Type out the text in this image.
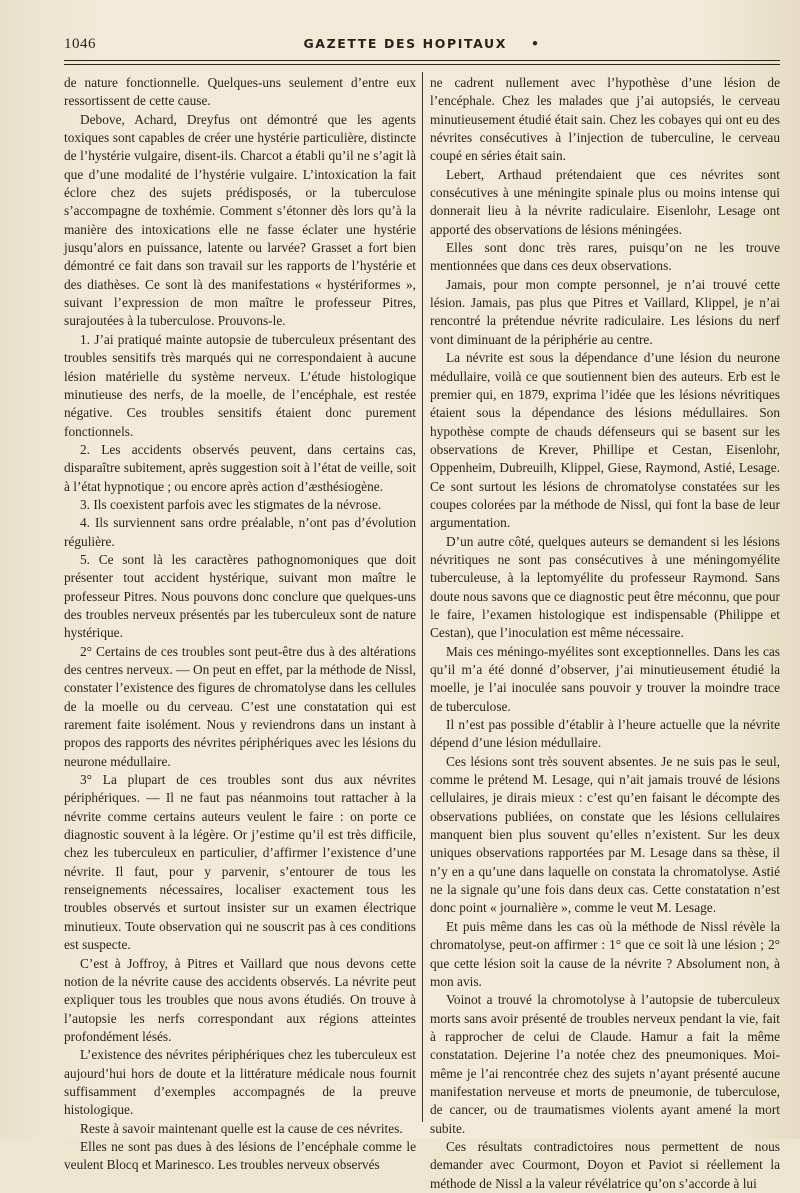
1046	GAZETTE DES HOPITAUX •

de nature fonctionnelle. Quelques-uns seulement d’entre eux ressortissent de cette cause.

Debove, Achard, Dreyfus ont démontré que les agents toxiques sont capables de créer une hystérie particulière, distincte de l’hystérie vulgaire, disent-ils. Charcot a établi qu’il ne s’agit là que d’une modalité de l’hystérie vulgaire. L’intoxication la fait éclore chez des sujets prédisposés, or la tuberculose s’accompagne de toxhémie. Comment s’étonner dès lors qu’à la manière des intoxications elle ne fasse éclater une hystérie jusqu’alors en puissance, latente ou larvée? Grasset a fort bien démontré ce fait dans son travail sur les rapports de l’hystérie et des diathèses. Ce sont là des manifestations « hystériformes », suivant l’expression de mon maître le professeur Pitres, surajoutées à la tuberculose. Prouvons-le.

1. J’ai pratiqué mainte autopsie de tuberculeux présentant des troubles sensitifs très marqués qui ne correspondaient à aucune lésion matérielle du système nerveux. L’étude histologique minutieuse des nerfs, de la moelle, de l’encéphale, est restée négative. Ces troubles sensitifs étaient donc purement fonctionnels.

2. Les accidents observés peuvent, dans certains cas, disparaître subitement, après suggestion soit à l’état de veille, soit à l’état hypnotique ; ou encore après action d’æsthésiogène.

3. Ils coexistent parfois avec les stigmates de la névrose.

4. Ils surviennent sans ordre préalable, n’ont pas d’évolution régulière.

5. Ce sont là les caractères pathognomoniques que doit présenter tout accident hystérique, suivant mon maître le professeur Pitres. Nous pouvons donc conclure que quelques-uns des troubles nerveux présentés par les tuberculeux sont de nature hystérique.

2° Certains de ces troubles sont peut-être dus à des altérations des centres nerveux. — On peut en effet, par la méthode de Nissl, constater l’existence des figures de chromatolyse dans les cellules de la moelle ou du cerveau. C’est une constatation qui est rarement faite isolément. Nous y reviendrons dans un instant à propos des rapports des névrites périphériques avec les lésions du neurone médullaire.

3° La plupart de ces troubles sont dus aux névrites périphériques. — Il ne faut pas néanmoins tout rattacher à la névrite comme certains auteurs veulent le faire : on porte ce diagnostic souvent à la légère. Or j’estime qu’il est très difficile, chez les tuberculeux en particulier, d’affirmer l’existence d’une névrite. Il faut, pour y parvenir, s’entourer de tous les renseignements nécessaires, localiser exactement tous les troubles observés et surtout insister sur un examen électrique minutieux. Toute observation qui ne souscrit pas à ces conditions est suspecte.

C’est à Joffroy, à Pitres et Vaillard que nous devons cette notion de la névrite cause des accidents observés. La névrite peut expliquer tous les troubles que nous avons étudiés. On trouve à l’autopsie les nerfs correspondant aux régions atteintes profondément lésés.

L’existence des névrites périphériques chez les tuberculeux est aujourd’hui hors de doute et la littérature médicale nous fournit suffisamment d’exemples accompagnés de la preuve histologique.

Reste à savoir maintenant quelle est la cause de ces névrites.

Elles ne sont pas dues à des lésions de l’encéphale comme le veulent Blocq et Marinesco. Les troubles nerveux observés

ne cadrent nullement avec l’hypothèse d’une lésion de l’encéphale. Chez les malades que j’ai autopsiés, le cerveau minutieusement étudié était sain. Chez les cobayes qui ont eu des névrites consécutives à l’injection de tuberculine, le cerveau coupé en séries était sain.

Lebert, Arthaud prétendaient que ces névrites sont consécutives à une méningite spinale plus ou moins intense qui donnerait lieu à la névrite radiculaire. Eisenlohr, Lesage ont apporté des observations de lésions méningées.

Elles sont donc très rares, puisqu’on ne les trouve mentionnées que dans ces deux observations.

Jamais, pour mon compte personnel, je n’ai trouvé cette lésion. Jamais, pas plus que Pitres et Vaillard, Klippel, je n’ai rencontré la prétendue névrite radiculaire. Les lésions du nerf vont diminuant de la périphérie au centre.

La névrite est sous la dépendance d’une lésion du neurone médullaire, voilà ce que soutiennent bien des auteurs. Erb est le premier qui, en 1879, exprima l’idée que les lésions névritiques étaient sous la dépendance des lésions médullaires. Son hypothèse compte de chauds défenseurs qui se basent sur les observations de Krever, Phillipe et Cestan, Eisenlohr, Oppenheim, Dubreuilh, Klippel, Giese, Raymond, Astié, Lesage. Ce sont surtout les lésions de chromatolyse constatées sur les coupes colorées par la méthode de Nissl, qui font la base de leur argumentation.

D’un autre côté, quelques auteurs se demandent si les lésions névritiques ne sont pas consécutives à une méningomyélite tuberculeuse, à la leptomyélite du professeur Raymond. Sans doute nous savons que ce diagnostic peut être méconnu, que pour le faire, l’examen histologique est indispensable (Philippe et Cestan), que l’inoculation est même nécessaire.

Mais ces méningo-myélites sont exceptionnelles. Dans les cas qu’il m’a été donné d’observer, j’ai minutieusement étudié la moelle, je l’ai inoculée sans pouvoir y trouver la moindre trace de tuberculose.

Il n’est pas possible d’établir à l’heure actuelle que la névrite dépend d’une lésion médullaire.

Ces lésions sont très souvent absentes. Je ne suis pas le seul, comme le prétend M. Lesage, qui n’ait jamais trouvé de lésions cellulaires, je dirais mieux : c’est qu’en faisant le décompte des observations publiées, on constate que les lésions cellulaires manquent bien plus souvent qu’elles n’existent. Sur les deux uniques observations rapportées par M. Lesage dans sa thèse, il n’y en a qu’une dans laquelle on constata la chromatolyse. Astié ne la signale qu’une fois dans deux cas. Cette constatation n’est donc point « journalière », comme le veut M. Lesage.

Et puis même dans les cas où la méthode de Nissl révèle la chromatolyse, peut-on affirmer : 1° que ce soit là une lésion ; 2° que cette lésion soit la cause de la névrite ? Absolument non, à mon avis.

Voinot a trouvé la chromotolyse à l’autopsie de tuberculeux morts sans avoir présenté de troubles nerveux pendant la vie, fait à rapprocher de celui de Claude. Hamur a fait la même constatation. Dejerine l’a notée chez des pneumoniques. Moi-même je l’ai rencontrée chez des sujets n’ayant présenté aucune manifestation nerveuse et morts de pneumonie, de tuberculose, de cancer, ou de traumatismes violents ayant amené la mort subite.

Ces résultats contradictoires nous permettent de nous demander avec Courmont, Doyon et Paviot si réellement la méthode de Nissl a la valeur révélatrice qu’on s’accorde à lui
